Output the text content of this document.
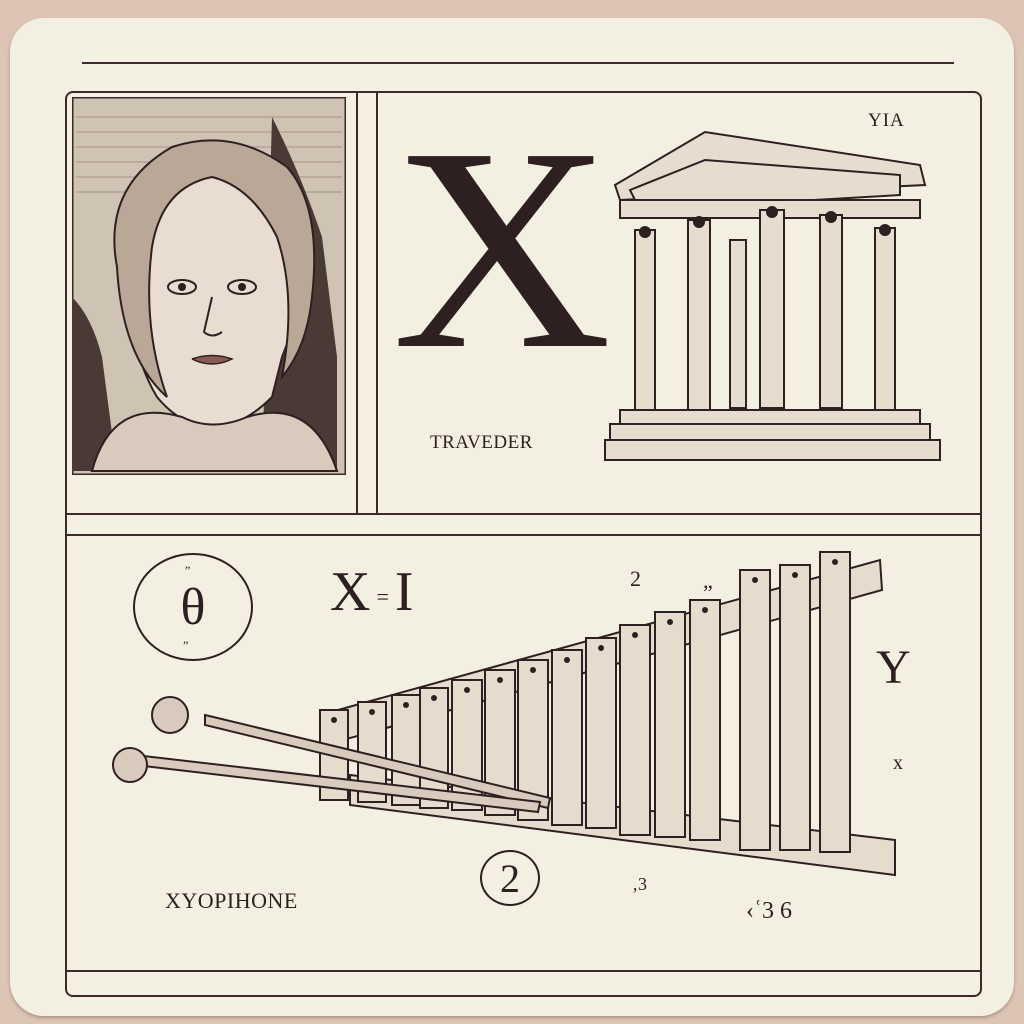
X	YIA
TRAVEDER
”
θ
”
X = I	2	„
Y
x
XYOPIHONE	2	‚3
‹ʿ3 6
